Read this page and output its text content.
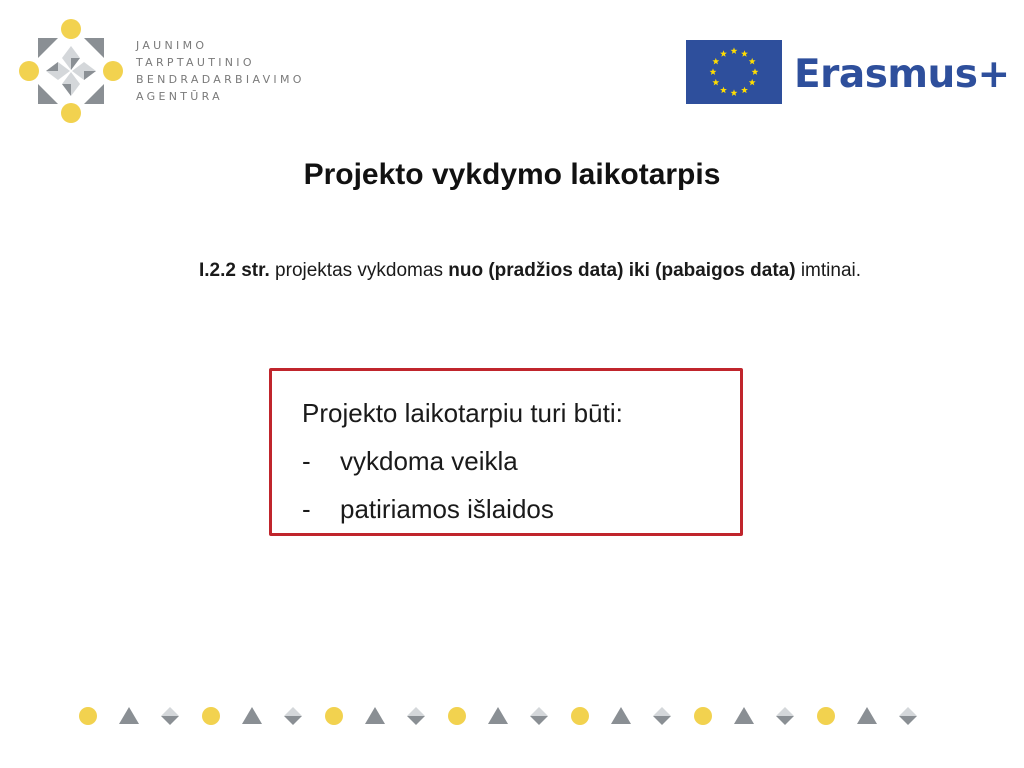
JAUNIMO
TARPTAUTINIO
BENDRADARBIAVIMO
AGENTŪRA	Erasmus+
Projekto vykdymo laikotarpis
I.2.2 str. projektas vykdomas nuo (pradžios data) iki (pabaigos data) imtinai.
Projekto laikotarpiu turi būti:
-	vykdoma veikla
-	patiriamos išlaidos
